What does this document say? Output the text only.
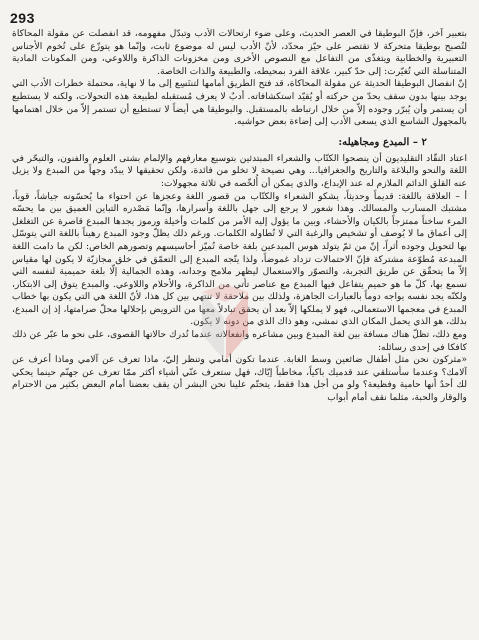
293

بتعبير آخر، فإنّ البوطيقا في العصر الحديث، وعلى ضوء ارتحالات الأدب وتبدّل مفهومه، قد انفصلت عن مقولة المحاكاة لتُصبح بوطيقا متحركة لا تقتصر على حيّز محدّد، لأنّ الأدب ليس له موضوع ثابت، وإنّما هو يتوزّع على تُخوم الأجناس التعبيرية والخطابية ويتغذّى من التفاعل مع النصوص الأخرى ومن مخزونات الذاكرة واللاوعي، ومن المكونات المادية المتناسلة التي تُغيّرت: إلى حدّ كبير، علاقة الفرد بمحيطه، والطبيعة والذات الخاصة.

إنّ انفصال البوطيقا الحديثة عن مقولة المحاكاة، قد فتح الطريق أمامها لتنتَسِع إلى ما لا نهاية، محتملة خطرات الأدب التي يوجد بينها بدون سقف يحدّ من حركته أو يُقيّد استكشافاته. أدبٌ لا يعرف مُستقبله لطبيعة هذه التحولات، ولكنه لا يستطيع أن يستمر وأن يُبرّر وجوده إلاّ من خلال ارتباطه بالمستقبل. والبوطيقا هي أيضاً لا تستطيع أن تستمر إلاّ من خلال اهتمامها بالمجهول الشاسع الذي يسعى الأدب إلى إضاءة بعض حواشيه.

٢ – المبدع ومجاهيله:

اعتاد النقّاد التقليديون أن ينصحوا الكتّاب والشعراء المبتدئين بتوسيع معارفهم والإلمام بشتى العلوم والفنون، والتبحّر في اللغة والنحو والبلاغة والتاريخ والجغرافيا... وهي نصيحة لا تخلو من فائدة، ولكن تحقيقها لا يبدّد وجهاً من المبدع ولا يزيل عنه القلق الدائم الملازم له عند الإبداع، والذي يمكن أن أُلخّصه في ثلاثة مجهولات:

أ – العلاقة باللغة: قديماً وحديثاً، يشكو الشعراء والكتّاب من قصور اللغة وعجزها عن احتواء ما يُحسّونه جياشاً، قوياً، مشتبك المسارب والمسالك. وهذا شعور لا يرجع إلى جهل باللغة وأسرارها، وإنّما مَصْدره التباين العميق بين ما يحسّه المرء ساخناً ممتزجاً بالكيان والأحشاء، وبين ما يؤول إليه الأمر من كلمات وأخيلة ورموز يجدها المبدع قاصرة عن التغلغل إلى أعماق ما لا يُوصف أو تشخيص والرغبة التي لا تُطاوله الكلمات. ورغم ذلك يظلّ وجود المبدع رهيناً باللغة التي يتوسّل بها لتحويل وجوده أثراً، إنّ من ثمّ يتولد هوس المبدعين بلغة خاصة تُميّز أحاسيسهم وتصورهم الخاص: لكن ما دامت اللغة المبدعة مُطوّعة مشتركة فإنّ الاحتمالات تزداد غموضاً، ولذا يتّجه المبدع إلى التعمّق في خلق مجازيّة لا يكون لها مقياس إلاّ ما يتحقّق عن طريق التجربة، والتصوّر والاستعمال ليظهر ملامح وجدانه، وهذه الجمالية إلّا بلغة حميمية لنفسه التي نسمع بها، كلّ ما هو حميم يتفاعل فيها المبدع مع عناصر تأتي من الذاكرة، والأحلام واللاوعي. والمبدع يتوق إلى الابتكار، ولكنّه يجد نفسه يواجه دوماً بالعبارات الجاهزة، ولذلك بين ملاحقة لا تنتهي بين كل هذا، لأنّ اللغة هي التي يكون بها خطاب المبدع في معجمها الاستعمالي، فهو لا يملكها إلاّ بعد أن يحقق تبادلاً معها من الترويض بإحلالها محلّ صرامتها، إذ إن المبدع، بذلك، هو الذي يحمل المكان الذي نمشي، وهو ذاك الذي من دونه لا يكون.

ومع ذلك، تظلّ هناك مسافة بين لغة المبدع وبين مشاعره وانفعالاته عندما تُدرك حالاتها القصوى، على نحو ما عبّر عن ذلك كافكا في إحدى رسائله:

«مثركون نحن مثل أطفال ضائعين وسط الغابة. عندما تكون أمامي وتنظر إليّ، ماذا تعرف عن آلامي وماذا أعرف عن آلامك؟ وعندما سأستلقي عند قدميك باكياً، مخاطباً إيّاك، فهل ستعرف عنّي أشياء أكثر ممّا تعرف عن جهنّم حينما يحكي لك أحدٌ أنها حامية وفظيعة؟ ولو من أجل هذا فقط، يتحتّم علينا نحن البشر أن يقف بعضنا أمام البعض بكثير من الاحترام والوقار والحبة، مثلما نقف أمام أبواب
